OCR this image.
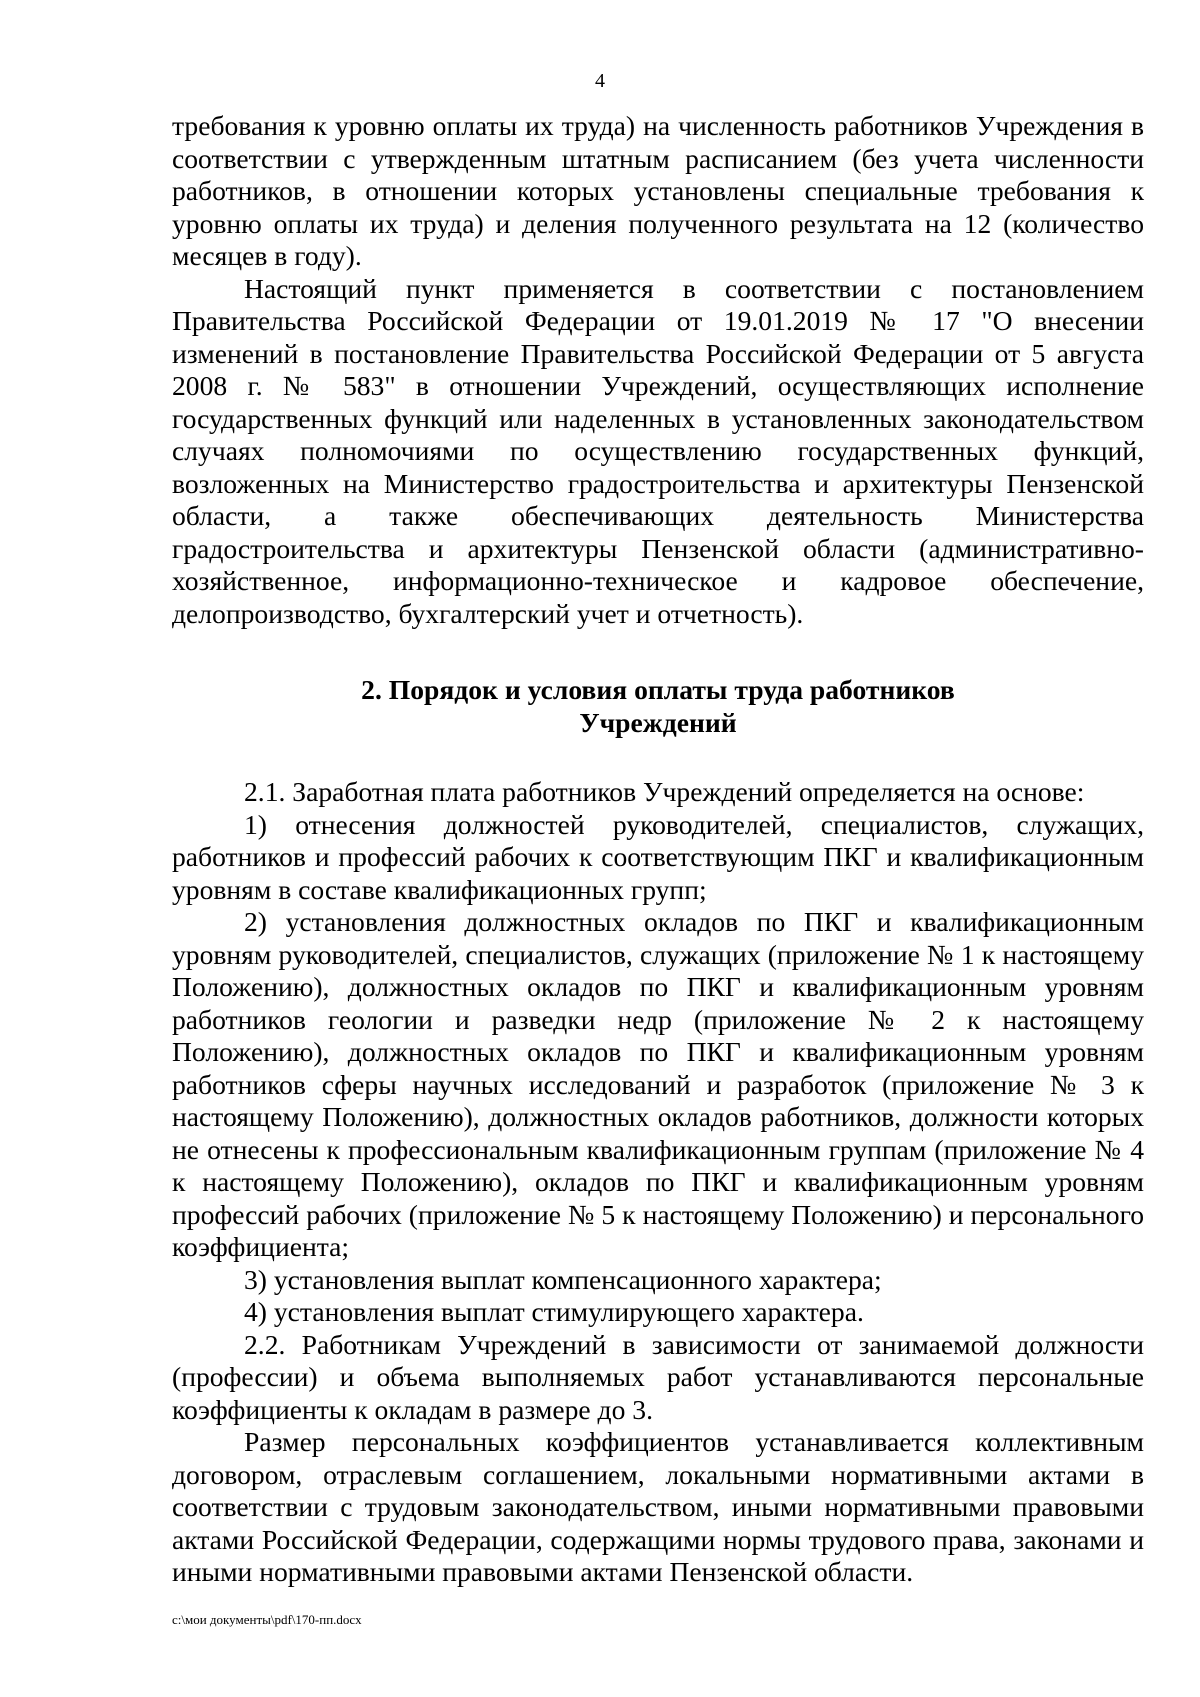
4

требования к уровню оплаты их труда) на численность работников Учреждения в соответствии с утвержденным штатным расписанием (без учета численности работников, в отношении которых установлены специальные требования к уровню оплаты их труда) и деления полученного результата на 12 (количество месяцев в году).

Настоящий пункт применяется в соответствии с постановлением Правительства Российской Федерации от 19.01.2019 № 17 "О внесении изменений в постановление Правительства Российской Федерации от 5 августа 2008 г. № 583" в отношении Учреждений, осуществляющих исполнение государственных функций или наделенных в установленных законодательством случаях полномочиями по осуществлению государственных функций, возложенных на Министерство градостроительства и архитектуры Пензенской области, а также обеспечивающих деятельность Министерства градостроительства и архитектуры Пензенской области (административно-хозяйственное, информационно-техническое и кадровое обеспечение, делопроизводство, бухгалтерский учет и отчетность).

2. Порядок и условия оплаты труда работников
Учреждений

2.1. Заработная плата работников Учреждений определяется на основе:

1) отнесения должностей руководителей, специалистов, служащих, работников и профессий рабочих к соответствующим ПКГ и квалификационным уровням в составе квалификационных групп;

2) установления должностных окладов по ПКГ и квалификационным уровням руководителей, специалистов, служащих (приложение № 1 к настоящему Положению), должностных окладов по ПКГ и квалификационным уровням работников геологии и разведки недр (приложение № 2 к настоящему Положению), должностных окладов по ПКГ и квалификационным уровням работников сферы научных исследований и разработок (приложение № 3 к настоящему Положению), должностных окладов работников, должности которых не отнесены к профессиональным квалификационным группам (приложение № 4 к настоящему Положению), окладов по ПКГ и квалификационным уровням профессий рабочих (приложение № 5 к настоящему Положению) и персонального коэффициента;

3) установления выплат компенсационного характера;

4) установления выплат стимулирующего характера.

2.2. Работникам Учреждений в зависимости от занимаемой должности (профессии) и объема выполняемых работ устанавливаются персональные коэффициенты к окладам в размере до 3.

Размер персональных коэффициентов устанавливается коллективным договором, отраслевым соглашением, локальными нормативными актами в соответствии с трудовым законодательством, иными нормативными правовыми актами Российской Федерации, содержащими нормы трудового права, законами и иными нормативными правовыми актами Пензенской области.

c:\мои документы\pdf\170-пп.docx
